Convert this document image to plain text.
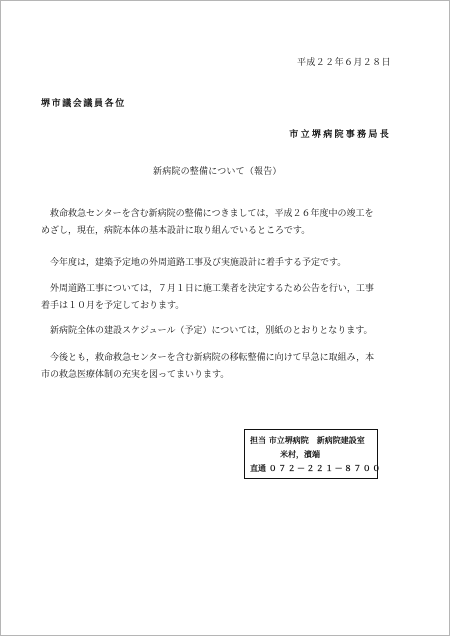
平成２２年６月２８日
堺市議会議員各位
市立堺病院事務局長
新病院の整備について（報告）
　救命救急センターを含む新病院の整備につきましては，平成２６年度中の竣工を
めざし，現在，病院本体の基本設計に取り組んでいるところです。
　今年度は，建築予定地の外周道路工事及び実施設計に着手する予定です。
　外周道路工事については，７月１日に施工業者を決定するため公告を行い，工事
着手は１０月を予定しております。
　新病院全体の建設スケジュール（予定）については，別紙のとおりとなります。
　今後とも，救命救急センターを含む新病院の移転整備に向けて早急に取組み，本
市の救急医療体制の充実を図ってまいります。
担当 市立堺病院　新病院建設室
米村，濱端
直通 ０７２－２２１－８７００
